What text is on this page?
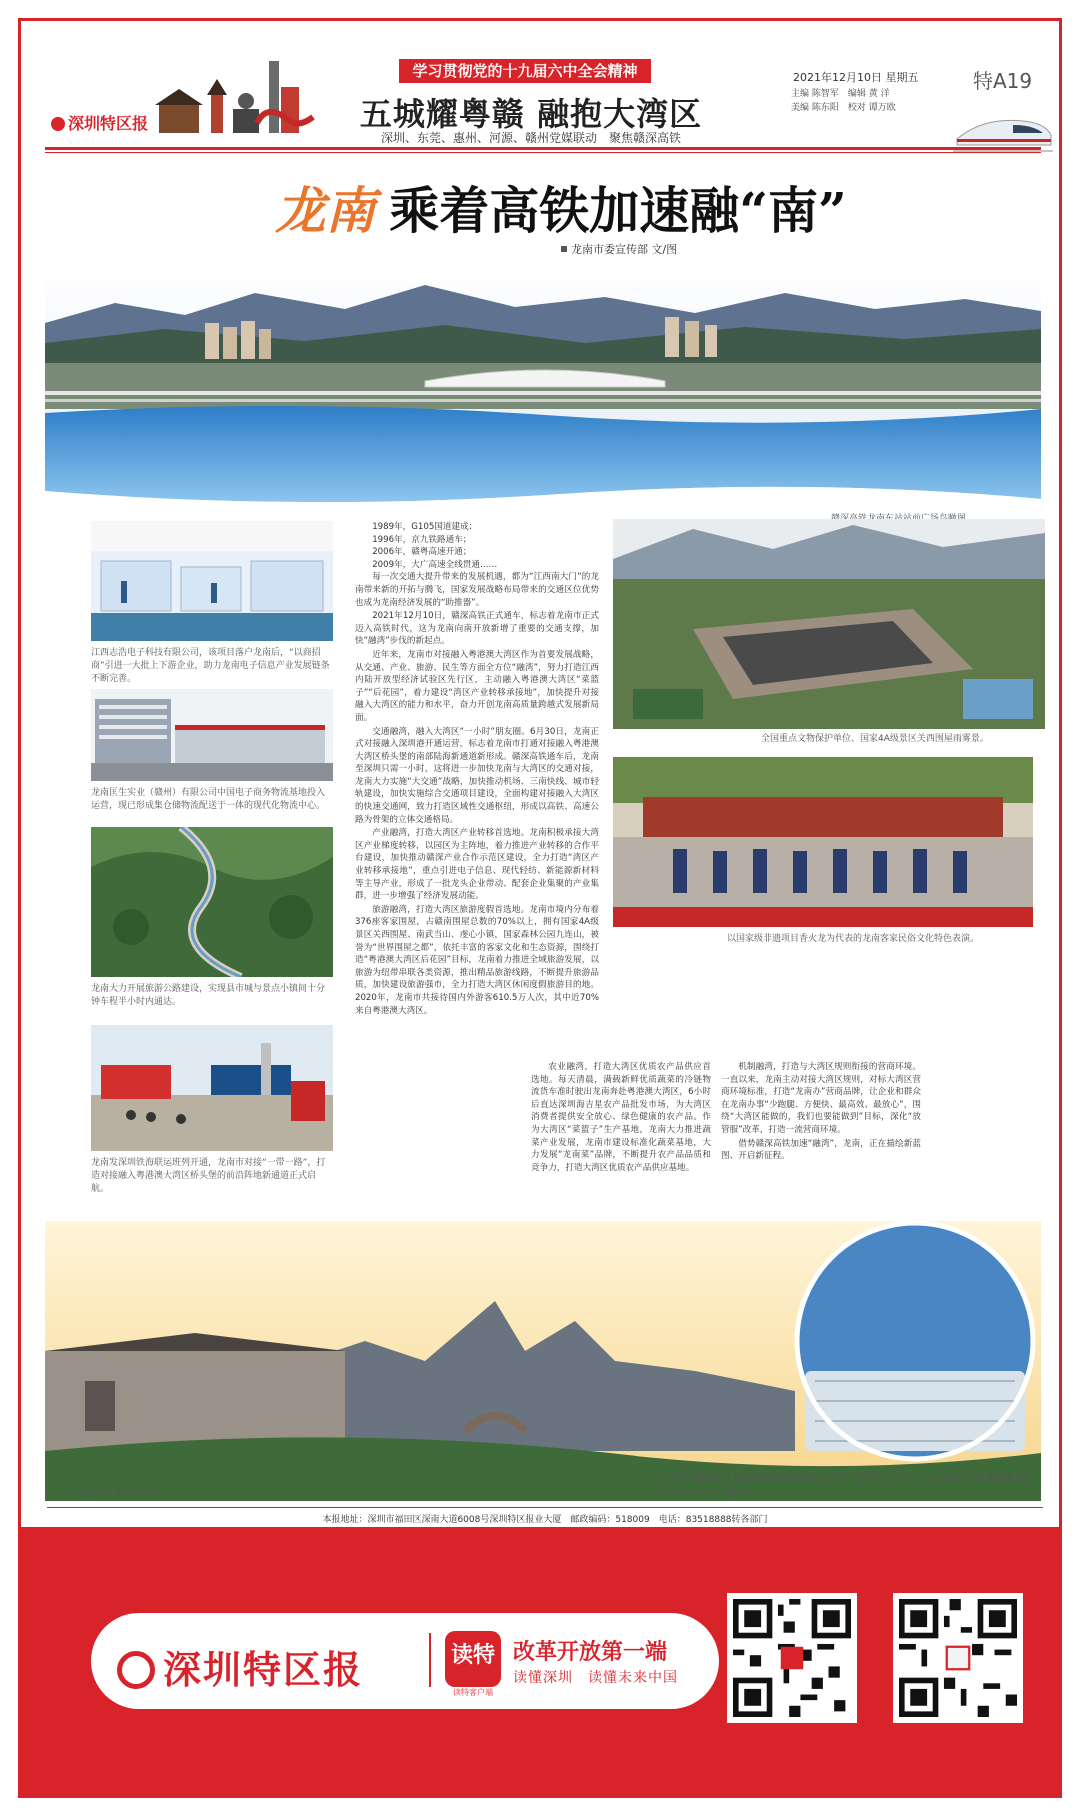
深圳特区报
学习贯彻党的十九届六中全会精神
五城耀粤赣 融抱大湾区
深圳、东莞、惠州、河源、赣州党媒联动　聚焦赣深高铁
2021年12月10日 星期五	特A19
主编 陈智军　编辑 黄 洋
美编 陈东阳　校对 谭万欧
龙南 乘着高铁加速融“南”
龙南市委宣传部 文/图
江西志浩电子科技有限公司，该项目落户龙南后，“以商招商”引进一大批上下游企业，助力龙南电子信息产业发展链条不断完善。
龙南匡生实业（赣州）有限公司中国电子商务物流基地投入运营，现已形成集仓储物流配送于一体的现代化物流中心。
龙南大力开展旅游公路建设，实现县市城与景点小镇间十分钟车程半小时内通达。
龙南发深圳铁海联运班列开通，龙南市对接“一带一路”，打造对接融入粤港澳大湾区桥头堡的前沿阵地新通道正式启航。
1989年，G105国道建成；
1996年，京九铁路通车；
2006年，赣粤高速开通；
2009年，大广高速全线贯通……

每一次交通大提升带来的发展机遇，都为“江西南大门”的龙南带来新的开拓与腾飞，国家发展战略布局带来的交通区位优势也成为龙南经济发展的“助推器”。

2021年12月10日，赣深高铁正式通车，标志着龙南市正式迈入高铁时代，这为龙南向南开放新增了重要的交通支撑，加快“融湾”步伐的新起点。

近年来，龙南市对接融入粤港澳大湾区作为首要发展战略，从交通、产业、旅游、民生等方面全方位“融湾”，努力打造江西内陆开放型经济试验区先行区，主动融入粤港澳大湾区“菜篮子”“后花园”，着力建设“湾区产业转移承接地”，加快提升对接融入大湾区的能力和水平，奋力开创龙南高质量跨越式发展新局面。

交通融湾，融入大湾区“一小时”朋友圈。6月30日，龙南正式对接融入深圳港开通运营，标志着龙南市打通对接融入粤港澳大湾区桥头堡的南部陆海新通道新形成。赣深高铁通车后，龙南至深圳只需一小时，这将进一步加快龙南与大湾区的交通对接，龙南大力实施“大交通”战略，加快推动机场、三南快线、城市轻轨建设，加快实施综合交通项目建设，全面构建对接融入大湾区的快速交通网，致力打造区域性交通枢纽，形成以高铁、高速公路为骨架的立体交通格局。

产业融湾，打造大湾区产业转移首选地。龙南积极承接大湾区产业梯度转移，以园区为主阵地，着力推进产业转移的合作平台建设，加快推动赣深产业合作示范区建设，全力打造“湾区产业转移承接地”，重点引进电子信息、现代轻纺、新能源新材料等主导产业，形成了一批龙头企业带动、配套企业集聚的产业集群，进一步增强了经济发展动能。

旅游融湾，打造大湾区旅游度假首选地。龙南市境内分布着376座客家围屋，占赣南围屋总数的70%以上，拥有国家4A级景区关西围屋、南武当山、虔心小镇，国家森林公园九连山，被誉为“世界围屋之都”，依托丰富的客家文化和生态资源，围绕打造“粤港澳大湾区后花园”目标，龙南着力推进全域旅游发展，以旅游为纽带串联各类资源，推出精品旅游线路，不断提升旅游品质，加快建设旅游强市，全力打造大湾区休闲度假旅游目的地。2020年，龙南市共接待国内外游客610.5万人次，其中近70%来自粤港澳大湾区。

农业融湾，打造大湾区优质农产品供应首选地。每天清晨，满载新鲜优质蔬菜的冷链物流货车准时驶出龙南奔赴粤港澳大湾区，6小时后直达深圳海吉星农产品批发市场，为大湾区消费者提供安全放心、绿色健康的农产品。作为大湾区“菜篮子”生产基地，龙南大力推进蔬菜产业发展，龙南市建设标准化蔬菜基地，大力发展“龙南菜”品牌，不断提升农产品品质和竞争力，打造大湾区优质农产品供应基地。

机制融湾，打造与大湾区规则衔接的营商环境。一直以来，龙南主动对接大湾区规则，对标大湾区营商环境标准，打造“龙南办”营商品牌，让企业和群众在龙南办事“少跑腿、方便快、最高效、最放心”，围绕“大湾区能做的，我们也要能做到”目标，深化“放管服”改革，打造一流营商环境。

借势赣深高铁加速“融湾”，龙南，正在描绘新蓝图、开启新征程。

全国重点文物保护单位、国家4A级景区关西围屋雨雾景。
以国家级非遗项目香火龙为代表的龙南客家民俗文化特色表演。
大美龙南，风景如画。
龙南市关西镇新大村蔬菜基地获评粤港澳大湾区“菜篮子”生产基地，成为赣州首批粤港澳大湾区“菜篮子”生产基地。
本报地址：深圳市福田区深南大道6008号深圳特区报业大厦　邮政编码：518009　电话：83518888转各部门
深圳特区报	读特
读特客户端
改革开放第一端
读懂深圳　读懂未来中国
